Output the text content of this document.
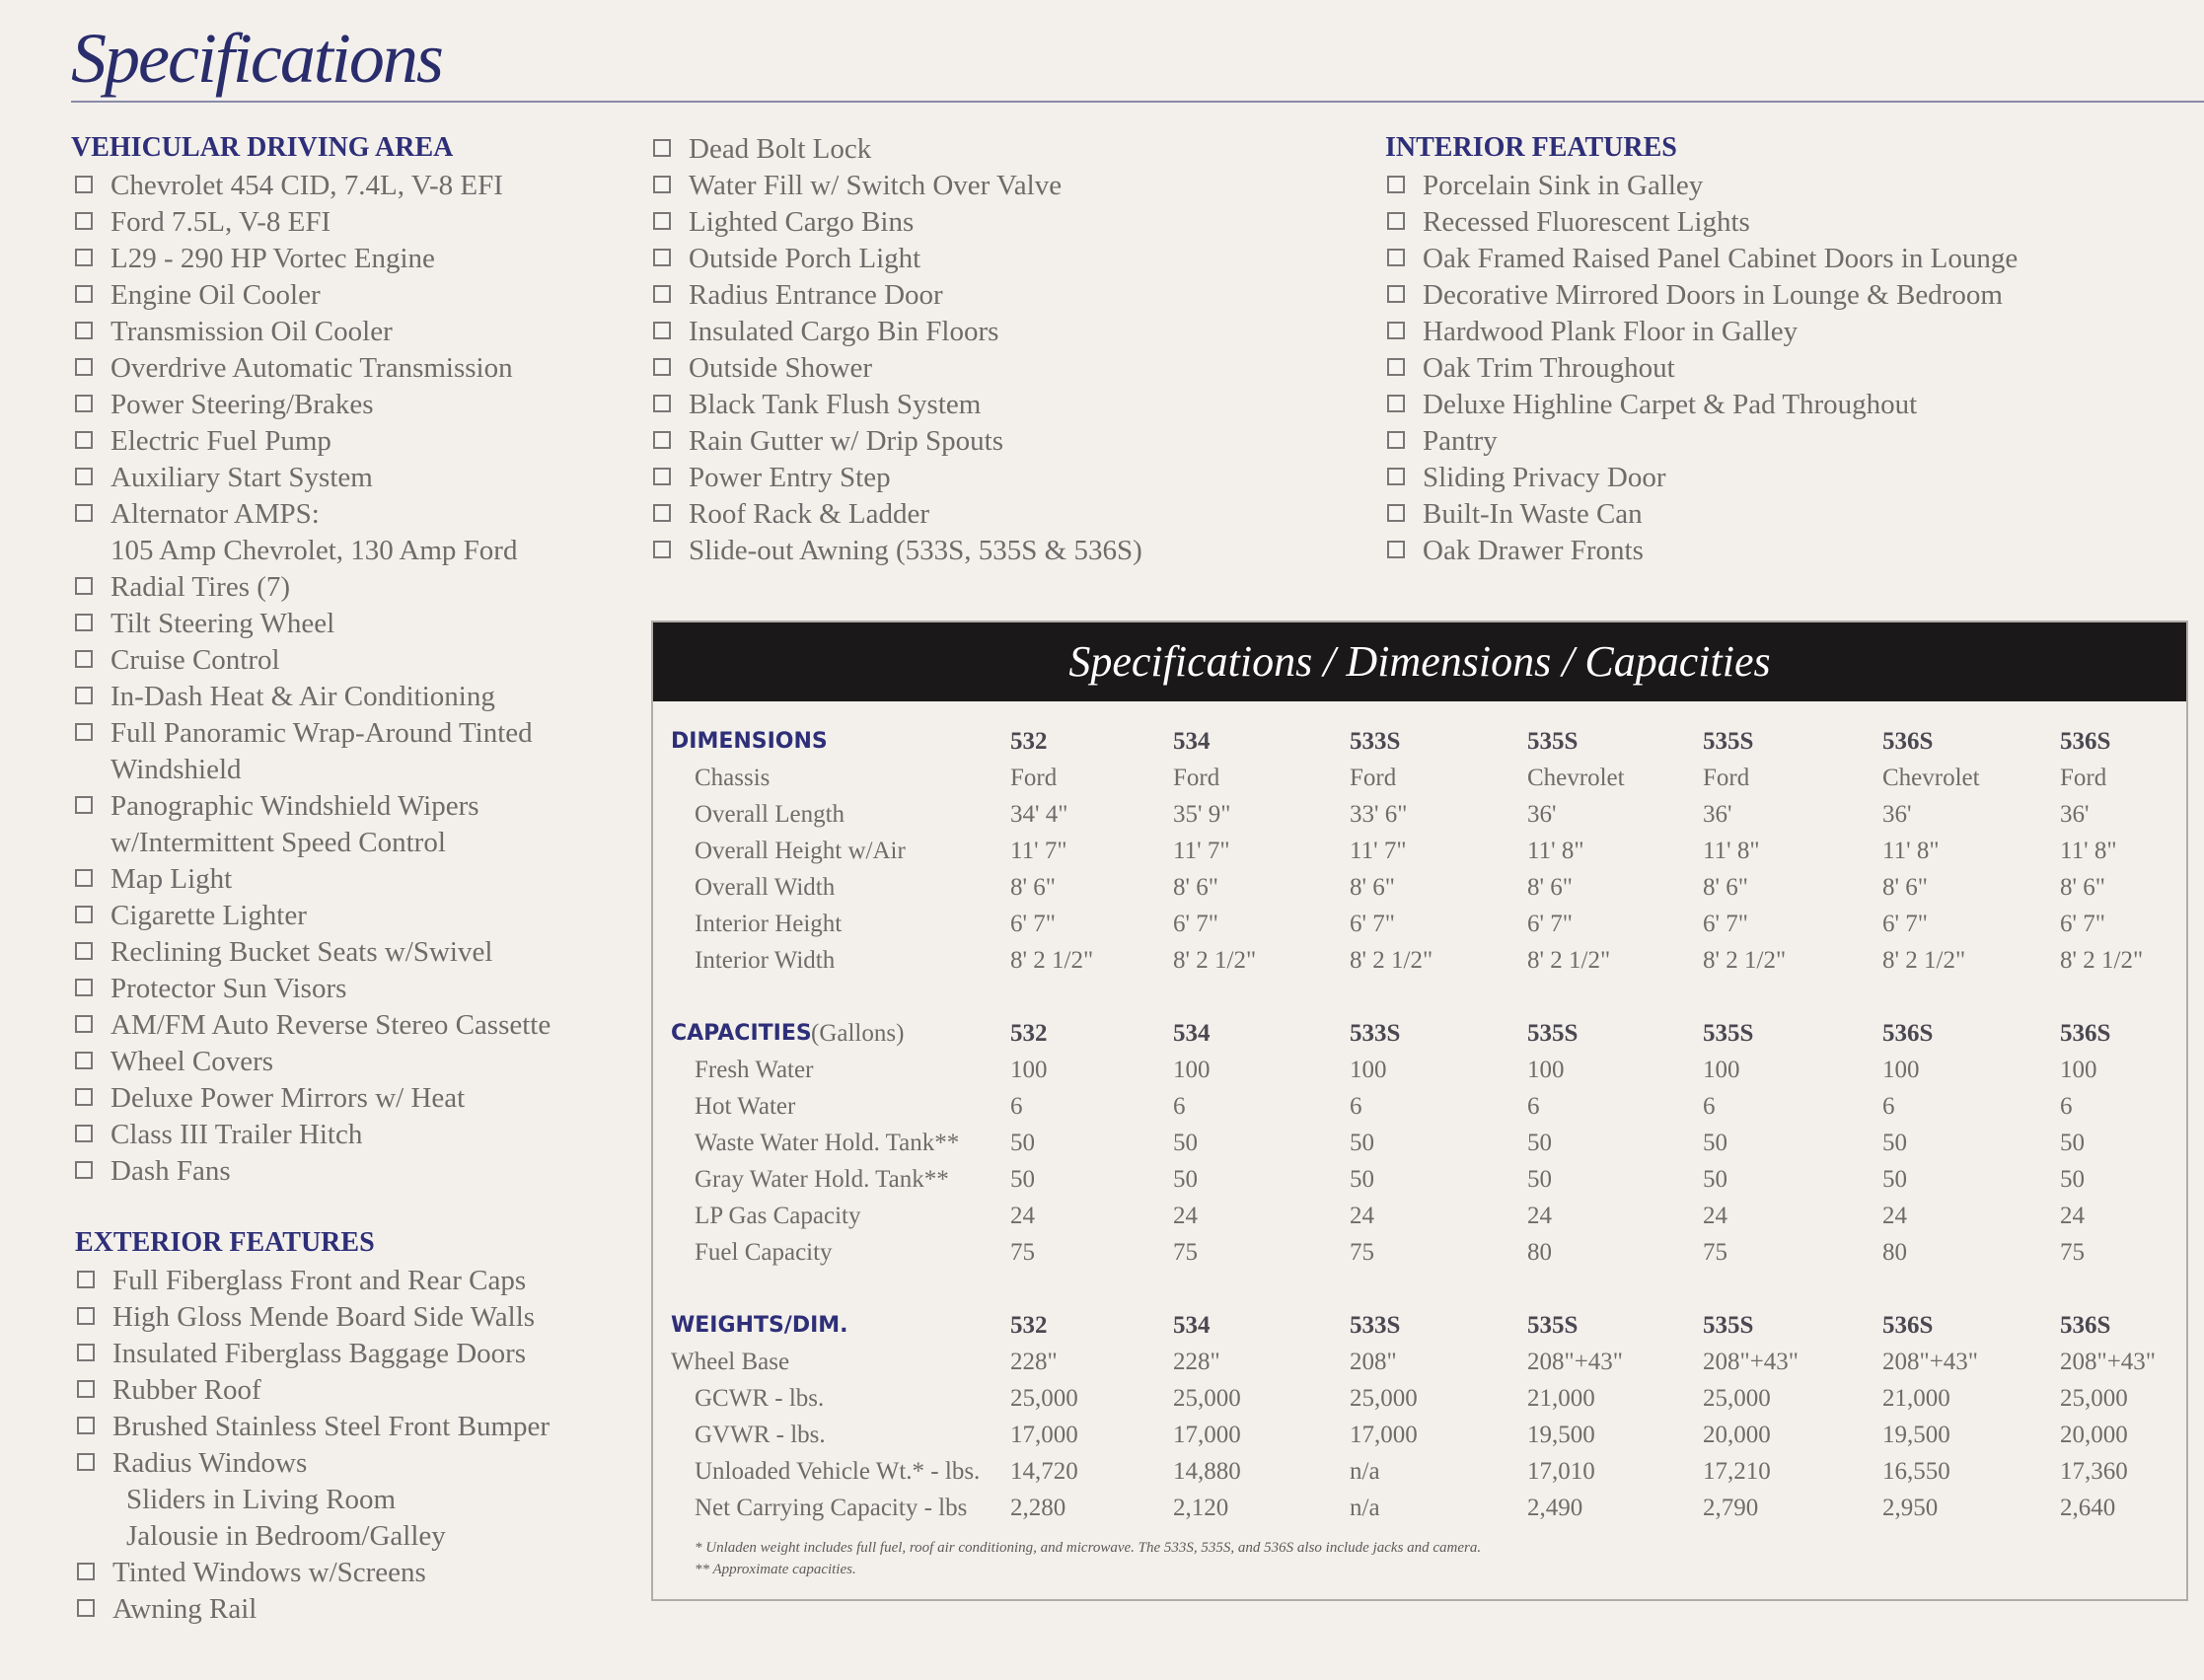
Specifications
VEHICULAR DRIVING AREA
Chevrolet 454 CID, 7.4L, V-8 EFI
Ford 7.5L, V-8 EFI
L29 - 290 HP Vortec Engine
Engine Oil Cooler
Transmission Oil Cooler
Overdrive Automatic Transmission
Power Steering/Brakes
Electric Fuel Pump
Auxiliary Start System
Alternator AMPS:
105 Amp Chevrolet, 130 Amp Ford
Radial Tires (7)
Tilt Steering Wheel
Cruise Control
In-Dash Heat & Air Conditioning
Full Panoramic Wrap-Around Tinted
Windshield
Panographic Windshield Wipers
w/Intermittent Speed Control
Map Light
Cigarette Lighter
Reclining Bucket Seats w/Swivel
Protector Sun Visors
AM/FM Auto Reverse Stereo Cassette
Wheel Covers
Deluxe Power Mirrors w/ Heat
Class III Trailer Hitch
Dash Fans
EXTERIOR FEATURES
Full Fiberglass Front and Rear Caps
High Gloss Mende Board Side Walls
Insulated Fiberglass Baggage Doors
Rubber Roof
Brushed Stainless Steel Front Bumper
Radius Windows
Sliders in Living Room
Jalousie in Bedroom/Galley
Tinted Windows w/Screens
Awning Rail
Dead Bolt Lock
Water Fill w/ Switch Over Valve
Lighted Cargo Bins
Outside Porch Light
Radius Entrance Door
Insulated Cargo Bin Floors
Outside Shower
Black Tank Flush System
Rain Gutter w/ Drip Spouts
Power Entry Step
Roof Rack & Ladder
Slide-out Awning (533S, 535S & 536S)
INTERIOR FEATURES
Porcelain Sink in Galley
Recessed Fluorescent Lights
Oak Framed Raised Panel Cabinet Doors in Lounge
Decorative Mirrored Doors in Lounge & Bedroom
Hardwood Plank Floor in Galley
Oak Trim Throughout
Deluxe Highline Carpet & Pad Throughout
Pantry
Sliding Privacy Door
Built-In Waste Can
Oak Drawer Fronts
Specifications / Dimensions / Capacities
DIMENSIONS	532	534	533S	535S	535S	536S	536S
Chassis	Ford	Ford	Ford	Chevrolet	Ford	Chevrolet	Ford
Overall Length	34' 4"	35' 9"	33' 6"	36'	36'	36'	36'
Overall Height w/Air	11' 7"	11' 7"	11' 7"	11' 8"	11' 8"	11' 8"	11' 8"
Overall Width	8' 6"	8' 6"	8' 6"	8' 6"	8' 6"	8' 6"	8' 6"
Interior Height	6' 7"	6' 7"	6' 7"	6' 7"	6' 7"	6' 7"	6' 7"
Interior Width	8' 2 1/2"	8' 2 1/2"	8' 2 1/2"	8' 2 1/2"	8' 2 1/2"	8' 2 1/2"	8' 2 1/2"
CAPACITIES (Gallons)	532	534	533S	535S	535S	536S	536S
Fresh Water	100	100	100	100	100	100	100
Hot Water	6	6	6	6	6	6	6
Waste Water Hold. Tank** 50	50	50	50	50	50	50
Gray Water Hold. Tank** 50	50	50	50	50	50	50
LP Gas Capacity	24	24	24	24	24	24	24
Fuel Capacity	75	75	75	80	75	80	75
WEIGHTS/DIM.	532	534	533S	535S	535S	536S	536S
Wheel Base	228"	228"	208"	208"+43"	208"+43"	208"+43"	208"+43"
GCWR - lbs.	25,000	25,000	25,000	21,000	25,000	21,000	25,000
GVWR - lbs.	17,000	17,000	17,000	19,500	20,000	19,500	20,000
Unloaded Vehicle Wt.* - lbs. 14,720	14,880	n/a	17,010	17,210	16,550	17,360
Net Carrying Capacity - lbs 2,280	2,120	n/a	2,490	2,790	2,950	2,640
* Unladen weight includes full fuel, roof air conditioning, and microwave. The 533S, 535S, and 536S also include jacks and camera.
** Approximate capacities.
